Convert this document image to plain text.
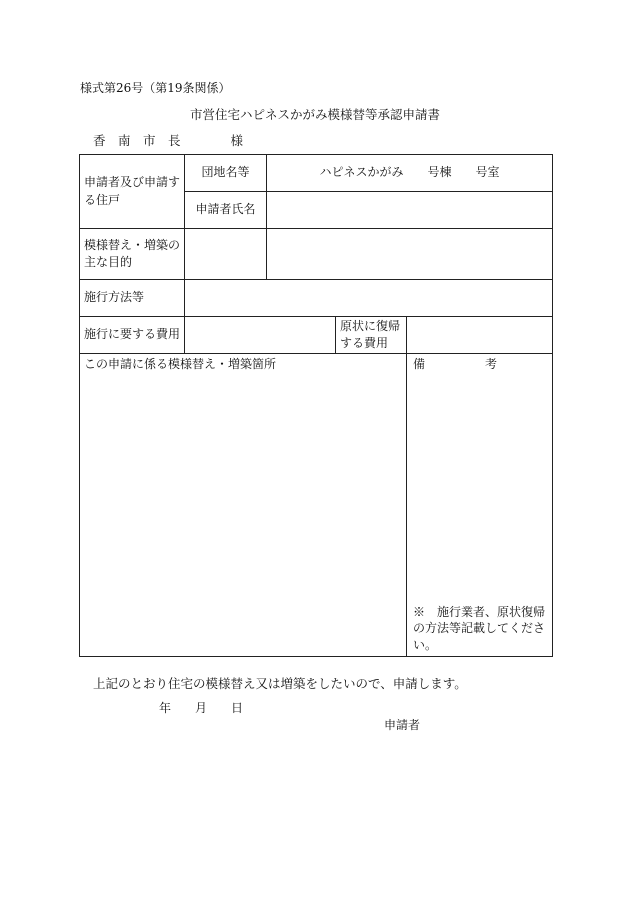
様式第26号（第19条関係）
市営住宅ハピネスかがみ模様替等承認申請書
香　南　市　長　　　　様
申請者及び申請する住戸	団地名等	ハピネスかがみ　　号棟　　号室		
	申請者氏名			
模様替え・増築の主な目的				
施行方法等				
施行に要する費用			原状に復帰する費用	
この申請に係る模様替え・増築箇所				備　　　　　考
※　施行業者、原状復帰の方法等記載してください。
上記のとおり住宅の模様替え又は増築をしたいので、申請します。
年　　月　　日
申請者
